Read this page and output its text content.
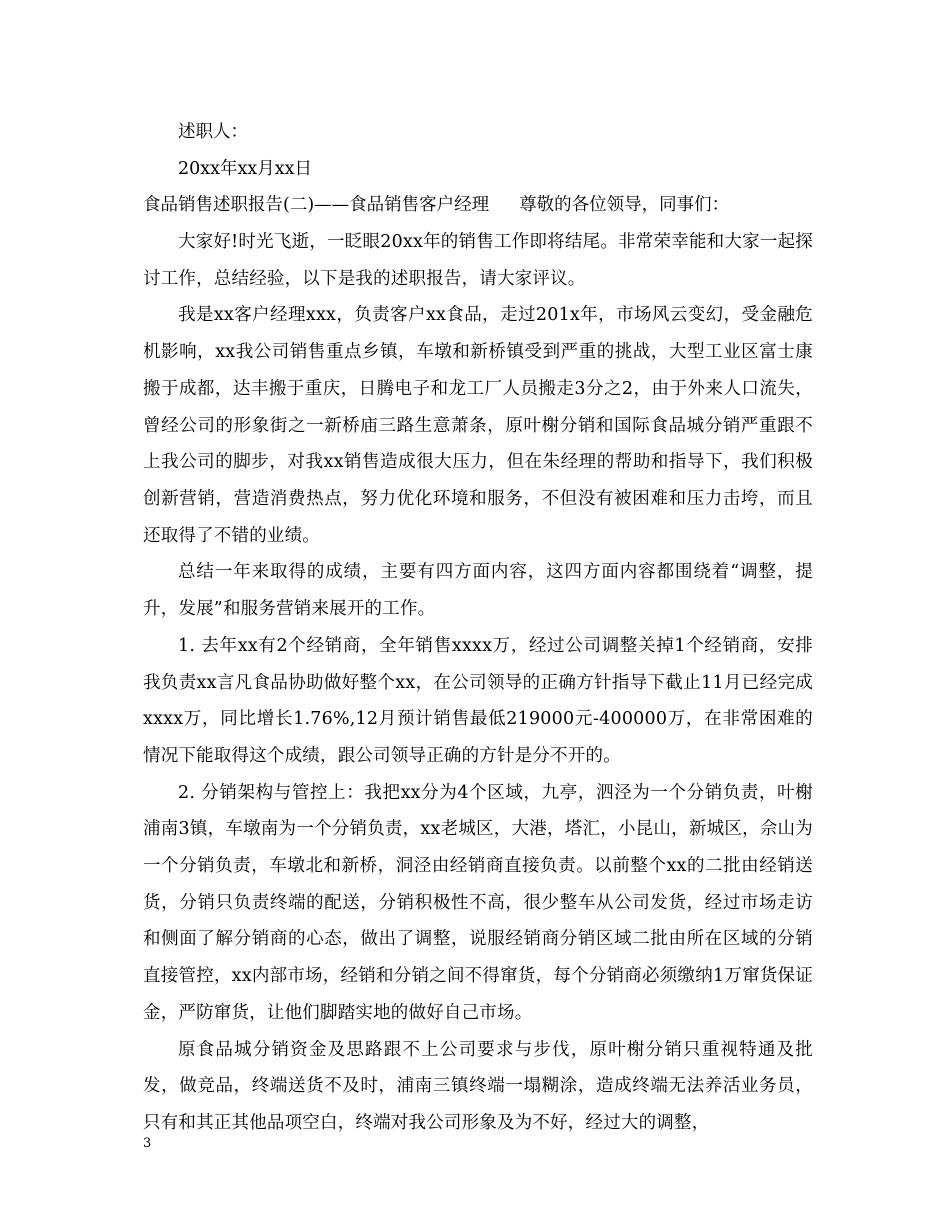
述职人：
20xx年xx月xx日
食品销售述职报告(二)——食品销售客户经理 尊敬的各位领导，同事们：

大家好!时光飞逝，一眨眼20xx年的销售工作即将结尾。非常荣幸能和大家一起探讨工作，总结经验，以下是我的述职报告，请大家评议。

我是xx客户经理xxx，负责客户xx食品，走过201x年，市场风云变幻，受金融危机影响，xx我公司销售重点乡镇，车墩和新桥镇受到严重的挑战，大型工业区富士康搬于成都，达丰搬于重庆，日腾电子和龙工厂人员搬走3分之2，由于外来人口流失，曾经公司的形象街之一新桥庙三路生意萧条，原叶榭分销和国际食品城分销严重跟不上我公司的脚步，对我xx销售造成很大压力，但在朱经理的帮助和指导下，我们积极创新营销，营造消费热点，努力优化环境和服务，不但没有被困难和压力击垮，而且还取得了不错的业绩。

总结一年来取得的成绩，主要有四方面内容，这四方面内容都围绕着“调整，提升，发展”和服务营销来展开的工作。

1. 去年xx有2个经销商，全年销售xxxx万，经过公司调整关掉1个经销商，安排我负责xx言凡食品协助做好整个xx，在公司领导的正确方针指导下截止11月已经完成xxxx万，同比增长1.76%,12月预计销售最低219000元-400000万，在非常困难的情况下能取得这个成绩，跟公司领导正确的方针是分不开的。

2. 分销架构与管控上：我把xx分为4个区域，九亭，泗泾为一个分销负责，叶榭浦南3镇，车墩南为一个分销负责，xx老城区，大港，塔汇，小昆山，新城区，佘山为一个分销负责，车墩北和新桥，洞泾由经销商直接负责。以前整个xx的二批由经销送货，分销只负责终端的配送，分销积极性不高，很少整车从公司发货，经过市场走访和侧面了解分销商的心态，做出了调整，说服经销商分销区域二批由所在区域的分销直接管控，xx内部市场，经销和分销之间不得窜货，每个分销商必须缴纳1万窜货保证金，严防窜货，让他们脚踏实地的做好自己市场。

原食品城分销资金及思路跟不上公司要求与步伐，原叶榭分销只重视特通及批发，做竞品，终端送货不及时，浦南三镇终端一塌糊涂，造成终端无法养活业务员，只有和其正其他品项空白，终端对我公司形象及为不好，经过大的调整，

3
